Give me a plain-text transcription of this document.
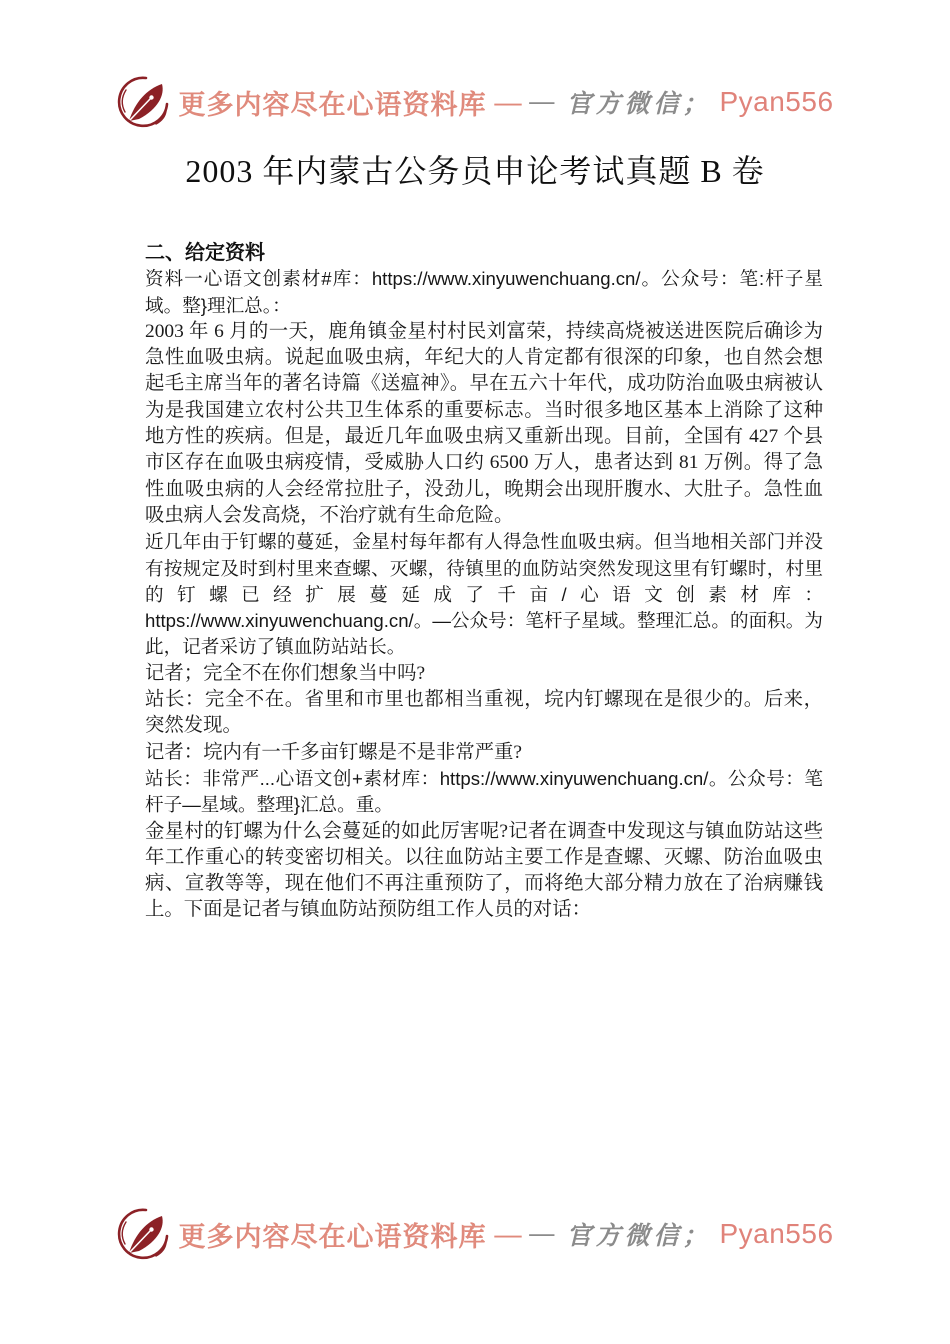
更多内容尽在心语资料库 — — 官方微信； Pyan556
2003 年内蒙古公务员申论考试真题 B 卷

二、给定资料

资料一心语文创素材#库：https://www.xinyuwenchuang.cn/。公众号：笔:杆子星域。整}理汇总。：

2003 年 6 月的一天，鹿角镇金星村村民刘富荣，持续高烧被送进医院后确诊为急性血吸虫病。说起血吸虫病，年纪大的人肯定都有很深的印象，也自然会想起毛主席当年的著名诗篇《送瘟神》。早在五六十年代，成功防治血吸虫病被认为是我国建立农村公共卫生体系的重要标志。当时很多地区基本上消除了这种地方性的疾病。但是，最近几年血吸虫病又重新出现。目前，全国有 427 个县市区存在血吸虫病疫情，受威胁人口约 6500 万人，患者达到 81 万例。得了急性血吸虫病的人会经常拉肚子，没劲儿，晚期会出现肝腹水、大肚子。急性血吸虫病人会发高烧，不治疗就有生命危险。

近几年由于钉螺的蔓延，金星村每年都有人得急性血吸虫病。但当地相关部门并没有按规定及时到村里来查螺、灭螺，待镇里的血防站突然发现这里有钉螺时，村里的钉螺已经扩展蔓延成了千亩/心语文创素材库：https://www.xinyuwenchuang.cn/。—公众号：笔杆子星域。整理汇总。的面积。为此，记者采访了镇血防站站长。

记者；完全不在你们想象当中吗?

站长：完全不在。省里和市里也都相当重视，垸内钉螺现在是很少的。后来，突然发现。

记者：垸内有一千多亩钉螺是不是非常严重?

站长：非常严...心语文创+素材库：https://www.xinyuwenchuang.cn/。公众号：笔杆子—星域。整理}汇总。重。

金星村的钉螺为什么会蔓延的如此厉害呢?记者在调查中发现这与镇血防站这些年工作重心的转变密切相关。以往血防站主要工作是查螺、灭螺、防治血吸虫病、宣教等等，现在他们不再注重预防了，而将绝大部分精力放在了治病赚钱上。下面是记者与镇血防站预防组工作人员的对话：

更多内容尽在心语资料库 — — 官方微信； Pyan556
